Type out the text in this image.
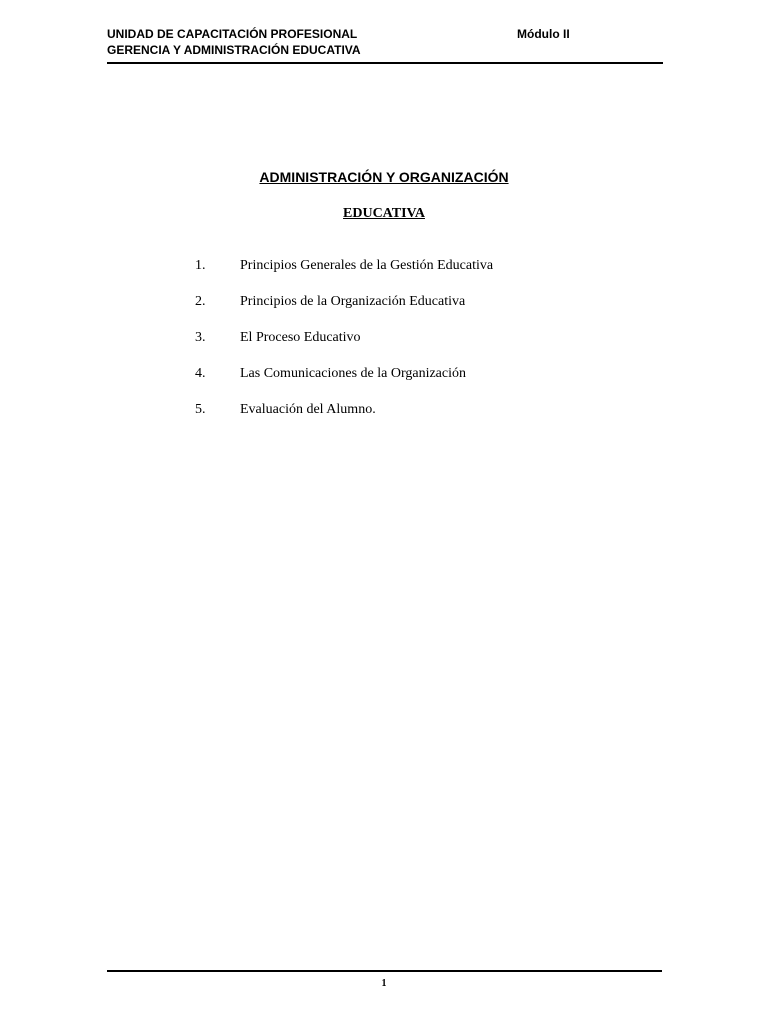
UNIDAD DE CAPACITACIÓN PROFESIONAL
GERENCIA Y ADMINISTRACIÓN EDUCATIVA
Módulo II
ADMINISTRACIÓN Y ORGANIZACIÓN
EDUCATIVA
1. Principios Generales de la Gestión Educativa
2. Principios de la Organización Educativa
3. El Proceso Educativo
4. Las Comunicaciones de la Organización
5. Evaluación del Alumno.
1
